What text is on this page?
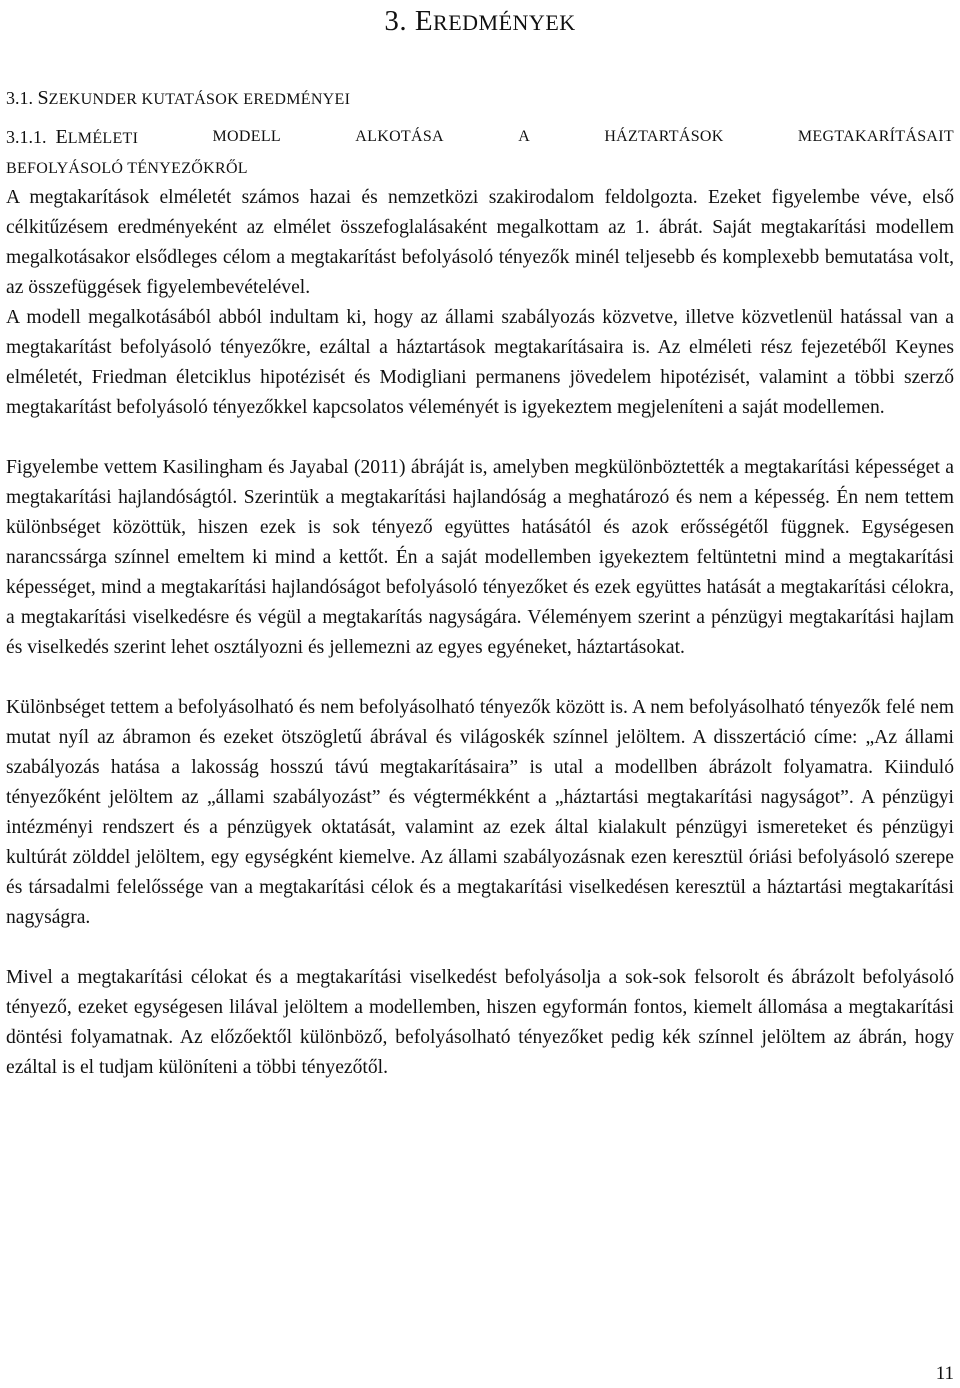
3. EREDMÉNYEK
3.1. SZEKUNDER KUTATÁSOK EREDMÉNYEI
3.1.1. ELMÉLETI	MODELL	ALKOTÁSA	A	HÁZTARTÁSOK	MEGTAKARÍTÁSAIT
BEFOLYÁSOLÓ TÉNYEZŐKRŐL

A megtakarítások elméletét számos hazai és nemzetközi szakirodalom feldolgozta. Ezeket figyelembe véve, első célkitűzésem eredményeként az elmélet összefoglalásaként megalkottam az 1. ábrát. Saját megtakarítási modellem megalkotásakor elsődleges célom a megtakarítást befolyásoló tényezők minél teljesebb és komplexebb bemutatása volt, az összefüggések figyelembevételével.

A modell megalkotásából abból indultam ki, hogy az állami szabályozás közvetve, illetve közvetlenül hatással van a megtakarítást befolyásoló tényezőkre, ezáltal a háztartások megtakarításaira is. Az elméleti rész fejezetéből Keynes elméletét, Friedman életciklus hipotézisét és Modigliani permanens jövedelem hipotézisét, valamint a többi szerző megtakarítást befolyásoló tényezőkkel kapcsolatos véleményét is igyekeztem megjeleníteni a saját modellemen.

Figyelembe vettem Kasilingham és Jayabal (2011) ábráját is, amelyben megkülönböztették a megtakarítási képességet a megtakarítási hajlandóságtól. Szerintük a megtakarítási hajlandóság a meghatározó és nem a képesség. Én nem tettem különbséget közöttük, hiszen ezek is sok tényező együttes hatásától és azok erősségétől függnek. Egységesen narancssárga színnel emeltem ki mind a kettőt. Én a saját modellemben igyekeztem feltüntetni mind a megtakarítási képességet, mind a megtakarítási hajlandóságot befolyásoló tényezőket és ezek együttes hatását a megtakarítási célokra, a megtakarítási viselkedésre és végül a megtakarítás nagyságára. Véleményem szerint a pénzügyi megtakarítási hajlam és viselkedés szerint lehet osztályozni és jellemezni az egyes egyéneket, háztartásokat.

Különbséget tettem a befolyásolható és nem befolyásolható tényezők között is. A nem befolyásolható tényezők felé nem mutat nyíl az ábramon és ezeket ötszögletű ábrával és világoskék színnel jelöltem. A disszertáció címe: „Az állami szabályozás hatása a lakosság hosszú távú megtakarításaira” is utal a modellben ábrázolt folyamatra. Kiinduló tényezőként jelöltem az „állami szabályozást” és végtermékként a „háztartási megtakarítási nagyságot”. A pénzügyi intézményi rendszert és a pénzügyek oktatását, valamint az ezek által kialakult pénzügyi ismereteket és pénzügyi kultúrát zölddel jelöltem, egy egységként kiemelve. Az állami szabályozásnak ezen keresztül óriási befolyásoló szerepe és társadalmi felelőssége van a megtakarítási célok és a megtakarítási viselkedésen keresztül a háztartási megtakarítási nagyságra.

Mivel a megtakarítási célokat és a megtakarítási viselkedést befolyásolja a sok-sok felsorolt és ábrázolt befolyásoló tényező, ezeket egységesen lilával jelöltem a modellemben, hiszen egyformán fontos, kiemelt állomása a megtakarítási döntési folyamatnak. Az előzőektől különböző, befolyásolható tényezőket pedig kék színnel jelöltem az ábrán, hogy ezáltal is el tudjam különíteni a többi tényezőtől.

11
